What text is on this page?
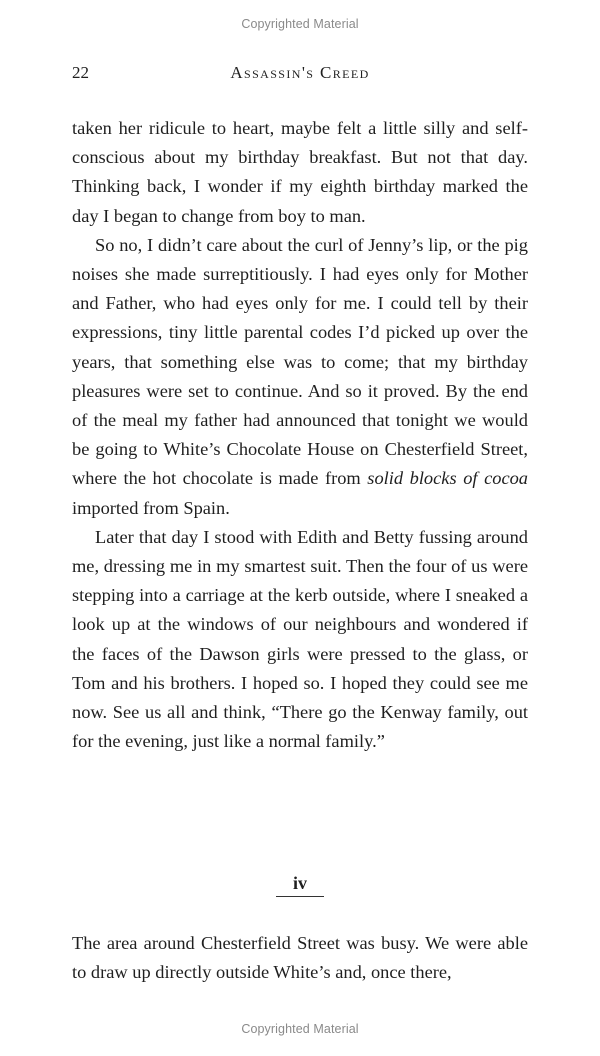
Copyrighted Material
22	Assassin's Creed

taken her ridicule to heart, maybe felt a little silly and self-conscious about my birthday breakfast. But not that day. Thinking back, I wonder if my eighth birthday marked the day I began to change from boy to man.

So no, I didn’t care about the curl of Jenny’s lip, or the pig noises she made surreptitiously. I had eyes only for Mother and Father, who had eyes only for me. I could tell by their expressions, tiny little parental codes I’d picked up over the years, that something else was to come; that my birthday pleasures were set to continue. And so it proved. By the end of the meal my father had announced that tonight we would be going to White’s Chocolate House on Chesterfield Street, where the hot chocolate is made from solid blocks of cocoa imported from Spain.

Later that day I stood with Edith and Betty fussing around me, dressing me in my smartest suit. Then the four of us were stepping into a carriage at the kerb outside, where I sneaked a look up at the windows of our neighbours and wondered if the faces of the Dawson girls were pressed to the glass, or Tom and his brothers. I hoped so. I hoped they could see me now. See us all and think, “There go the Kenway family, out for the evening, just like a normal family.”

iv

The area around Chesterfield Street was busy. We were able to draw up directly outside White’s and, once there,

Copyrighted Material
